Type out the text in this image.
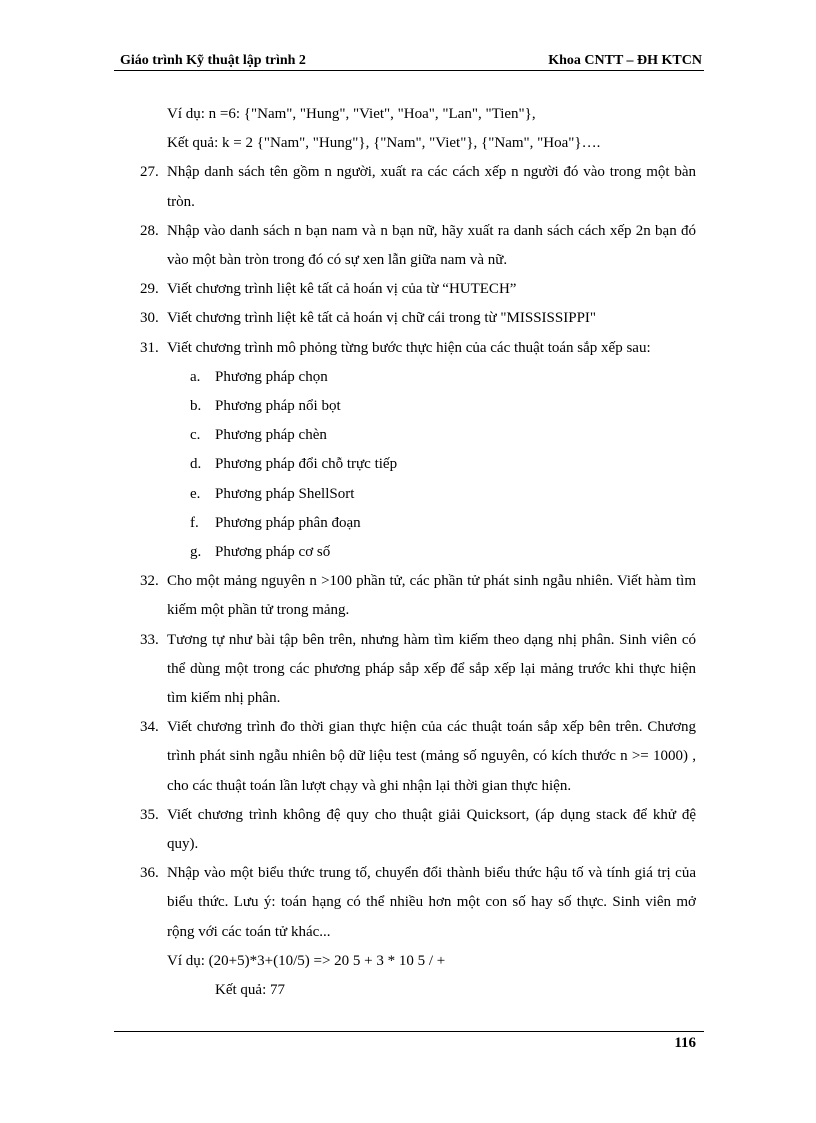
Giáo trình Kỹ thuật lập trình 2	Khoa CNTT – ĐH KTCN
Ví dụ: n =6: {"Nam", "Hung", "Viet", "Hoa", "Lan", "Tien"},
Kết quả: k = 2 {"Nam", "Hung"}, {"Nam", "Viet"}, {"Nam", "Hoa"}….
27. Nhập danh sách tên gồm n người, xuất ra các cách xếp n người đó vào trong một bàn tròn.
28. Nhập vào danh sách n bạn nam và n bạn nữ, hãy xuất ra danh sách cách xếp 2n bạn đó vào một bàn tròn trong đó có sự xen lẫn giữa nam và nữ.
29. Viết chương trình liệt kê tất cả hoán vị của từ “HUTECH”
30. Viết chương trình liệt kê tất cả hoán vị chữ cái trong từ "MISSISSIPPI"
31. Viết chương trình mô phỏng từng bước thực hiện của các thuật toán sắp xếp sau:
a. Phương pháp chọn
b. Phương pháp nổi bọt
c. Phương pháp chèn
d. Phương pháp đổi chỗ trực tiếp
e. Phương pháp ShellSort
f.	Phương pháp phân đoạn
g. Phương pháp cơ số
32. Cho một mảng nguyên n >100 phần tử, các phần tử phát sinh ngẫu nhiên. Viết hàm tìm kiếm một phần tử trong mảng.
33. Tương tự như bài tập bên trên, nhưng hàm tìm kiếm theo dạng nhị phân. Sinh viên có thể dùng một trong các phương pháp sắp xếp để sắp xếp lại mảng trước khi thực hiện tìm kiếm nhị phân.
34. Viết chương trình đo thời gian thực hiện của các thuật toán sắp xếp bên trên. Chương trình phát sinh ngẫu nhiên bộ dữ liệu test (mảng số nguyên, có kích thước n >= 1000) , cho các thuật toán lần lượt chạy và ghi nhận lại thời gian thực hiện.
35. Viết chương trình không đệ quy cho thuật giải Quicksort, (áp dụng stack để khử đệ quy).
36. Nhập vào một biểu thức trung tố, chuyển đổi thành biểu thức hậu tố và tính giá trị của biểu thức. Lưu ý: toán hạng có thể nhiều hơn một con số hay số thực. Sinh viên mở rộng với các toán tử khác...
Ví dụ: (20+5)*3+(10/5) => 20 5 + 3 * 10 5 / +
Kết quả: 77
116
